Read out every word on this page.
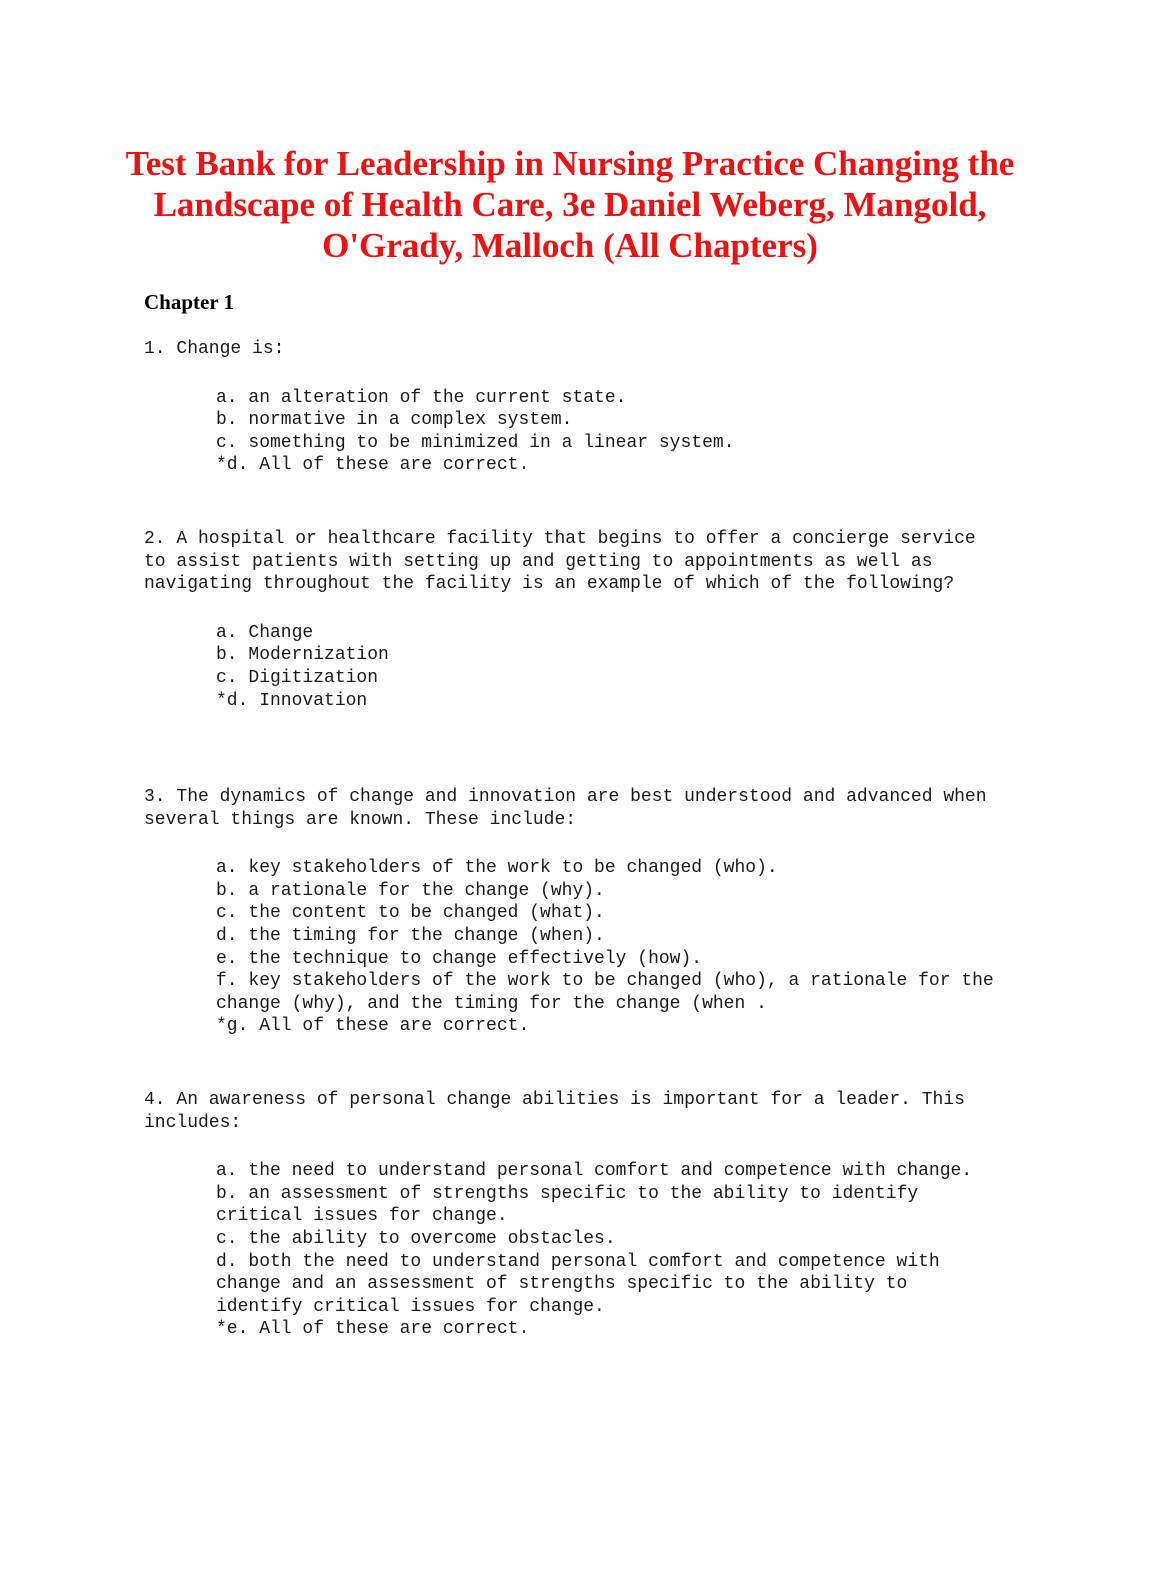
Test Bank for Leadership in Nursing Practice Changing the Landscape of Health Care, 3e Daniel Weberg, Mangold, O'Grady, Malloch (All Chapters)
Chapter 1

1. Change is:

a. an alteration of the current state.
b. normative in a complex system.
c. something to be minimized in a linear system.
*d. All of these are correct.

2. A hospital or healthcare facility that begins to offer a concierge service to assist patients with setting up and getting to appointments as well as navigating throughout the facility is an example of which of the following?

a. Change
b. Modernization
c. Digitization
*d. Innovation

3. The dynamics of change and innovation are best understood and advanced when several things are known. These include:

a. key stakeholders of the work to be changed (who).
b. a rationale for the change (why).
c. the content to be changed (what).
d. the timing for the change (when).
e. the technique to change effectively (how).
f. key stakeholders of the work to be changed (who), a rationale for the change (why), and the timing for the change (when .
*g. All of these are correct.

4. An awareness of personal change abilities is important for a leader. This includes:

a. the need to understand personal comfort and competence with change.
b. an assessment of strengths specific to the ability to identify critical issues for change.
c. the ability to overcome obstacles.
d. both the need to understand personal comfort and competence with change and an assessment of strengths specific to the ability to identify critical issues for change.
*e. All of these are correct.
